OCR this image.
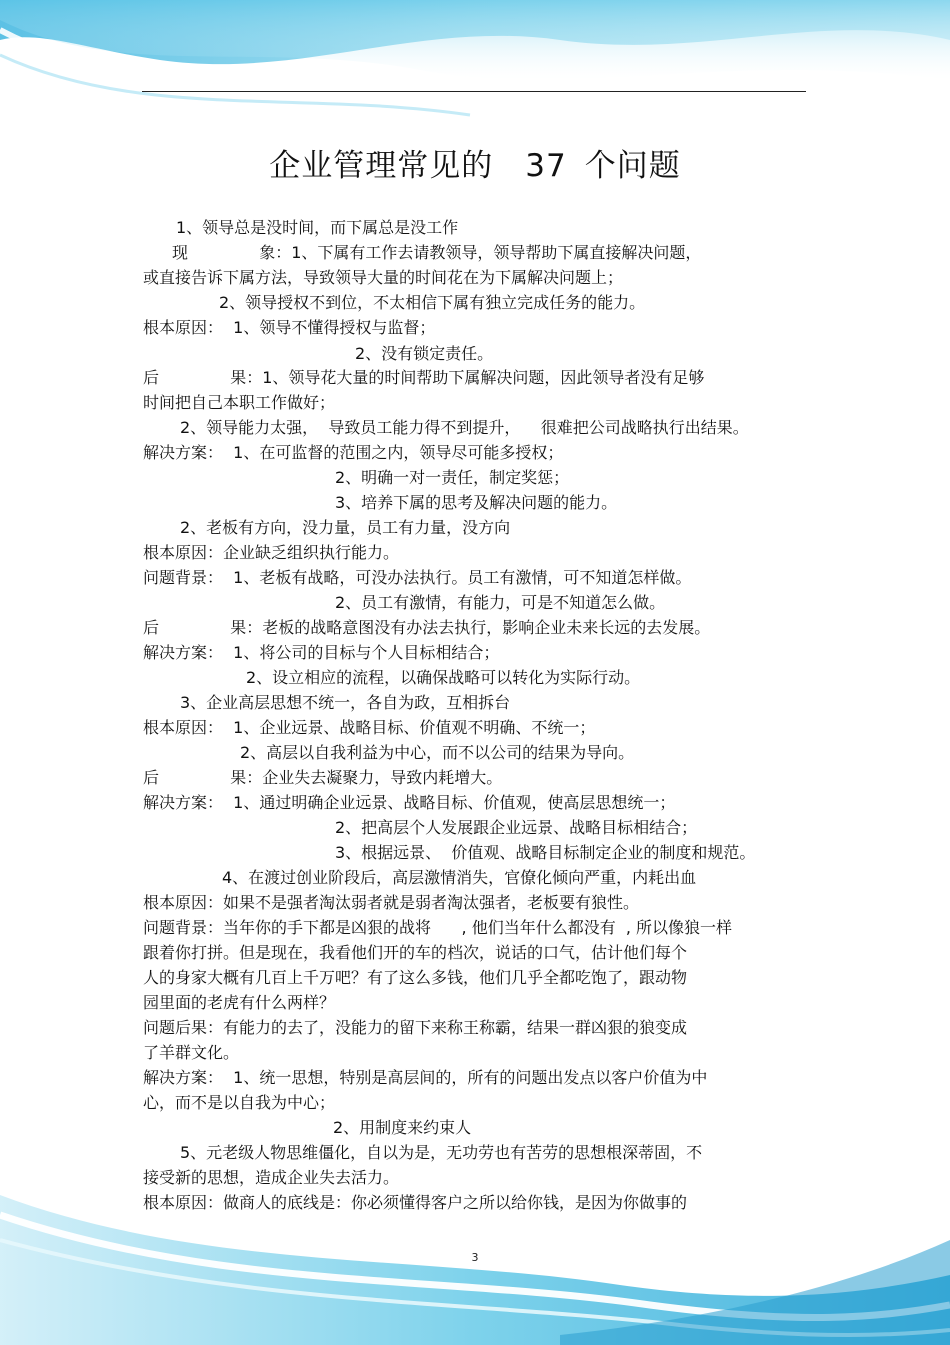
企业管理常见的 37 个问题
1、领导总是没时间，而下属总是没工作
现              象：1、下属有工作去请教领导，领导帮助下属直接解决问题，
或直接告诉下属方法，导致领导大量的时间花在为下属解决问题上；
2、领导授权不到位，不太相信下属有独立完成任务的能力。
根本原因：  1、领导不懂得授权与监督；
2、没有锁定责任。
后              果：1、领导花大量的时间帮助下属解决问题，因此领导者没有足够
时间把自己本职工作做好；
2、领导能力太强，  导致员工能力得不到提升，    很难把公司战略执行出结果。
解决方案：  1、在可监督的范围之内，领导尽可能多授权；
2、明确一对一责任，制定奖惩；
3、培养下属的思考及解决问题的能力。
2、老板有方向，没力量，员工有力量，没方向
根本原因：企业缺乏组织执行能力。
问题背景：  1、老板有战略，可没办法执行。员工有激情，可不知道怎样做。
2、员工有激情，有能力，可是不知道怎么做。
后              果：老板的战略意图没有办法去执行，影响企业未来长远的去发展。
解决方案：  1、将公司的目标与个人目标相结合；
2、设立相应的流程，以确保战略可以转化为实际行动。
3、企业高层思想不统一，各自为政，互相拆台
根本原因：  1、企业远景、战略目标、价值观不明确、不统一；
2、高层以自我利益为中心，而不以公司的结果为导向。
后              果：企业失去凝聚力，导致内耗增大。
解决方案：  1、通过明确企业远景、战略目标、价值观，使高层思想统一；
2、把高层个人发展跟企业远景、战略目标相结合；
3、根据远景、  价值观、战略目标制定企业的制度和规范。
4、在渡过创业阶段后，高层激情消失，官僚化倾向严重，内耗出血
根本原因：如果不是强者淘汰弱者就是弱者淘汰强者，老板要有狼性。
问题背景：当年你的手下都是凶狠的战将      , 他们当年什么都没有  , 所以像狼一样
跟着你打拼。但是现在，我看他们开的车的档次，说话的口气，估计他们每个
人的身家大概有几百上千万吧？有了这么多钱，他们几乎全都吃饱了，跟动物
园里面的老虎有什么两样？
问题后果：有能力的去了，没能力的留下来称王称霸，结果一群凶狠的狼变成
了羊群文化。
解决方案：  1、统一思想，特别是高层间的，所有的问题出发点以客户价值为中
心，而不是以自我为中心；
2、用制度来约束人
5、元老级人物思维僵化，自以为是，无功劳也有苦劳的思想根深蒂固，不
接受新的思想，造成企业失去活力。
根本原因：做商人的底线是：你必须懂得客户之所以给你钱，是因为你做事的
3
